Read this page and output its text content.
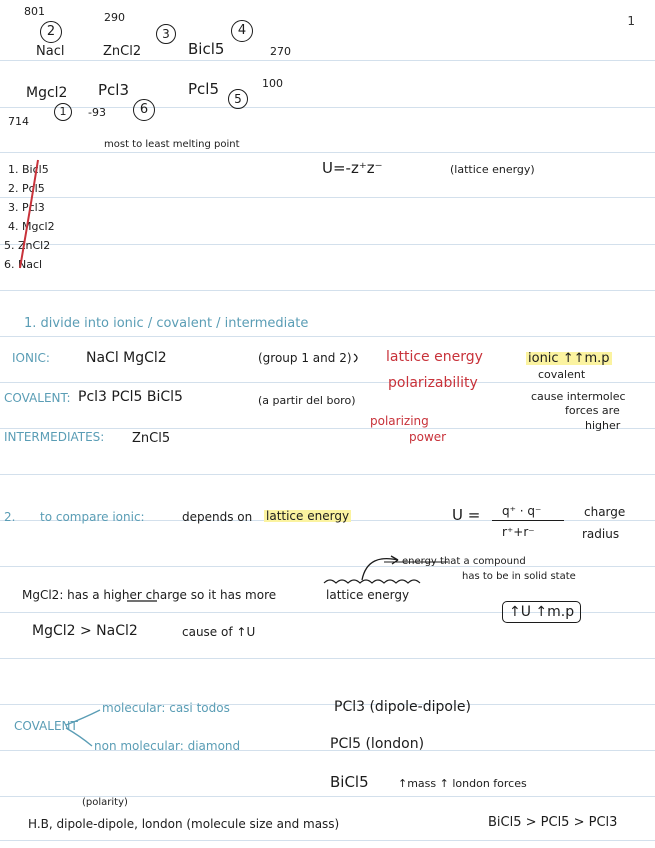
1
801	290
2	3	4
Nacl	ZnCl2	Bicl5	270
100
Mgcl2 Pcl3	Pcl5
5
1	-93	6
714
most to least melting point
U=-z⁺z⁻	(lattice energy)
1. Bicl5
2. Pcl5
3. Pcl3
4. Mgcl2
5. ZnCl2
6. Nacl
1. divide into ionic / covalent / intermediate
IONIC:	NaCl MgCl2	(group 1 and 2) lattice energy	ionic ↑↑m.p
covalent
polarizability
COVALENT: Pcl3 PCl5 BiCl5	(a partir del boro)	cause intermolec
forces are
higher
polarizing
power
INTERMEDIATES: ZnCl5
2. to compare ionic:	depends on lattice energy	U = q⁺ · q⁻
r⁺+r⁻
charge
radius
energy that a compound
has to be in solid state
MgCl2: has a higher charge so it has more	lattice energy
↑U ↑m.p
MgCl2 > NaCl2	cause of ↑U
molecular: casi todos
COVALENT
non molecular: diamond
PCl3 (dipole-dipole)
PCl5 (london)
BiCl5	↑mass ↑ london forces
(polarity)
H.B, dipole-dipole, london (molecule size and mass)	BiCl5 > PCl5 > PCl3
